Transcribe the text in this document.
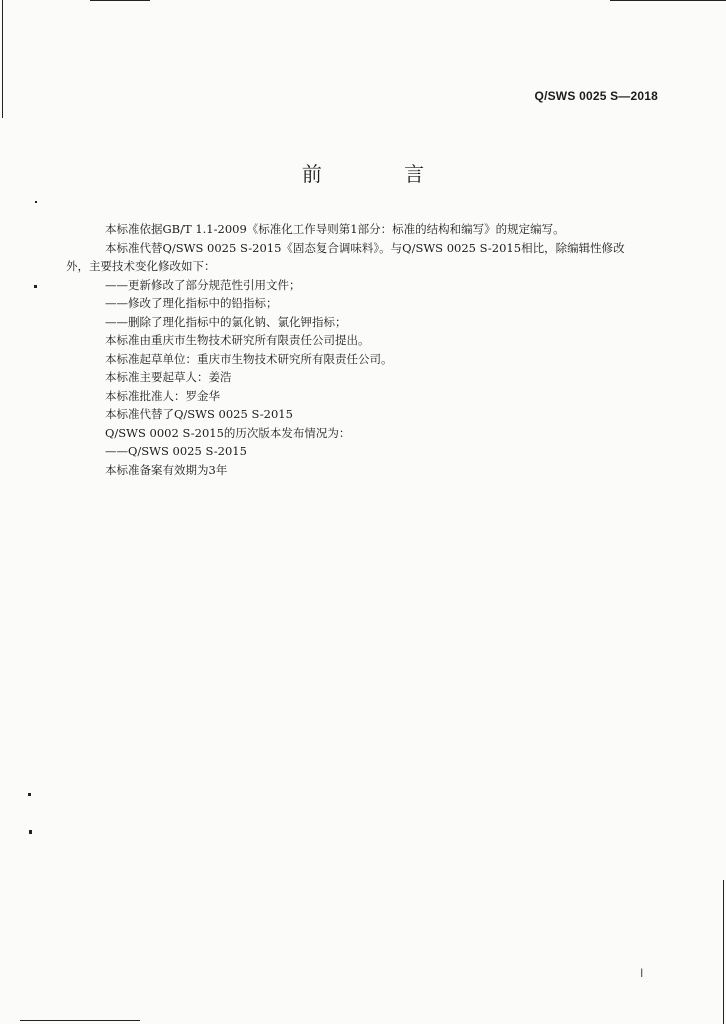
Q/SWS 0025 S—2018
前 言
本标准依据GB/T 1.1-2009《标准化工作导则第1部分：标准的结构和编写》的规定编写。
本标准代替Q/SWS 0025 S-2015《固态复合调味料》。与Q/SWS 0025 S-2015相比，除编辑性修改
外，主要技术变化修改如下：
——更新修改了部分规范性引用文件；
——修改了理化指标中的铅指标；
——删除了理化指标中的氯化钠、氯化钾指标；
本标准由重庆市生物技术研究所有限责任公司提出。
本标准起草单位：重庆市生物技术研究所有限责任公司。
本标准主要起草人：姜浩
本标准批准人：罗金华
本标准代替了Q/SWS 0025 S-2015
Q/SWS 0002 S-2015的历次版本发布情况为：
——Q/SWS 0025 S-2015
本标准备案有效期为3年
I
